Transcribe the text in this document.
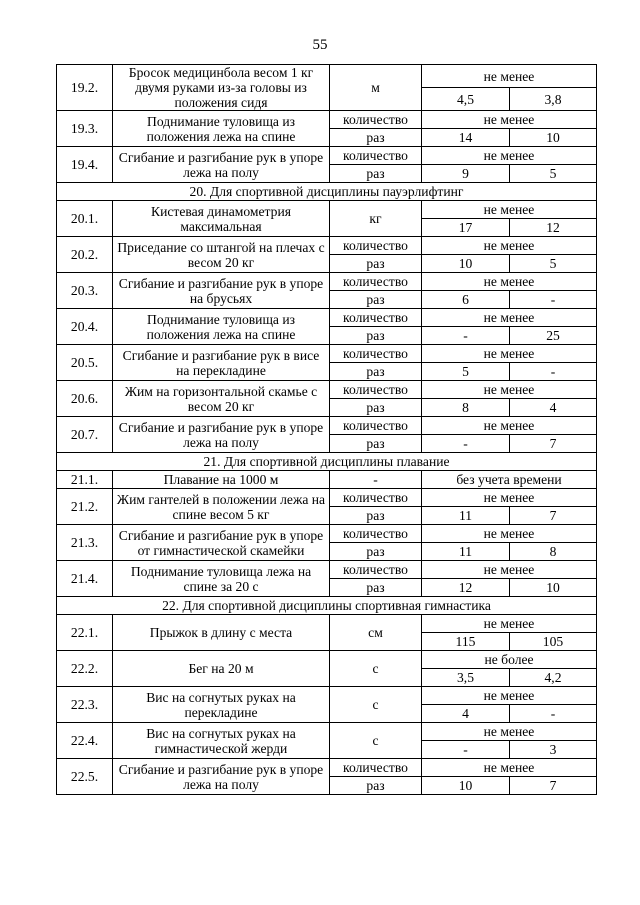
55
19.2.	Бросок медицинбола весом 1 кг двумя руками из-за головы из положения сидя	м	не менее	
			4,5	3,8
19.3.	Поднимание туловища из положения лежа на спине	количество	не менее	
		раз	14	10
19.4.	Сгибание и разгибание рук в упоре лежа на полу	количество	не менее	
		раз	9	5
20. Для спортивной дисциплины пауэрлифтинг				
20.1.	Кистевая динамометрия максимальная	кг	не менее	
			17	12
20.2.	Приседание со штангой на плечах с весом 20 кг	количество	не менее	
		раз	10	5
20.3.	Сгибание и разгибание рук в упоре на брусьях	количество	не менее	
		раз	6	-
20.4.	Поднимание туловища из положения лежа на спине	количество	не менее	
		раз	-	25
20.5.	Сгибание и разгибание рук в висе на перекладине	количество	не менее	
		раз	5	-
20.6.	Жим на горизонтальной скамье с весом 20 кг	количество	не менее	
		раз	8	4
20.7.	Сгибание и разгибание рук в упоре лежа на полу	количество	не менее	
		раз	-	7
21. Для спортивной дисциплины плавание				
21.1.	Плавание на 1000 м	-	без учета времени	
21.2.	Жим гантелей в положении лежа на спине весом 5 кг	количество	не менее	
		раз	11	7
21.3.	Сгибание и разгибание рук в упоре от гимнастической скамейки	количество	не менее	
		раз	11	8
21.4.	Поднимание туловища лежа на спине за 20 с	количество	не менее	
		раз	12	10
22. Для спортивной дисциплины спортивная гимнастика				
22.1.	Прыжок в длину с места	см	не менее	
			115	105
22.2.	Бег на 20 м	с	не более	
			3,5	4,2
22.3.	Вис на согнутых руках на перекладине	с	не менее	
			4	-
22.4.	Вис на согнутых руках на гимнастической жерди	с	не менее	
			-	3
22.5.	Сгибание и разгибание рук в упоре лежа на полу	количество	не менее	
		раз	10	7
